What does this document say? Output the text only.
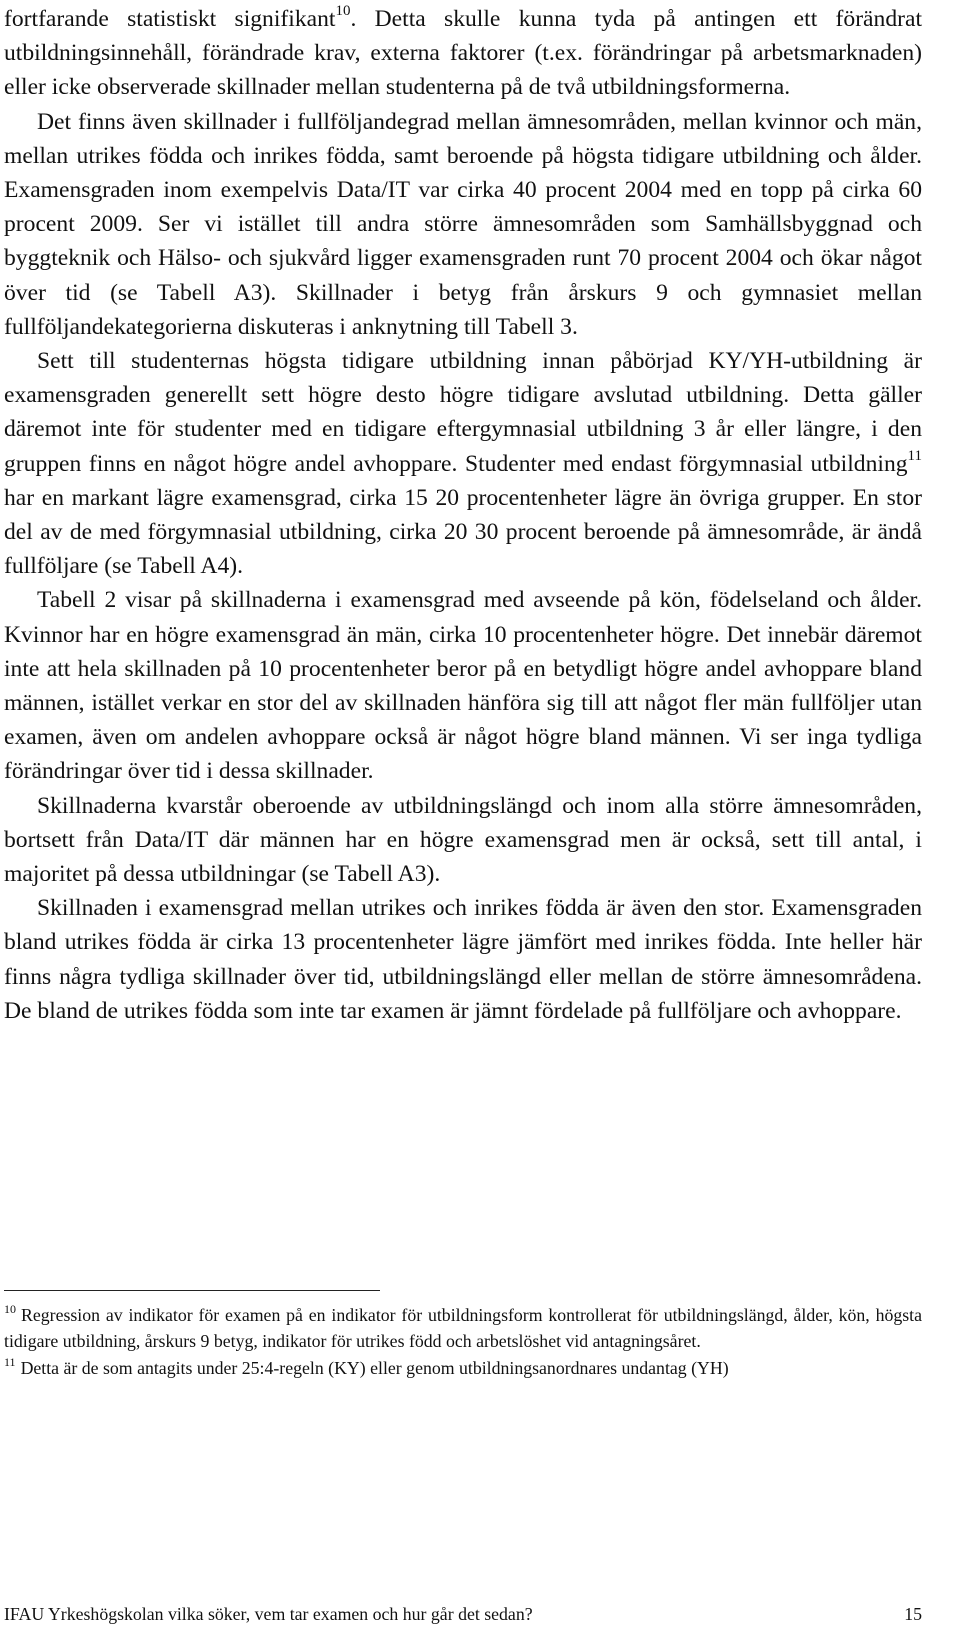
fortfarande statistiskt signifikant$^{10}$. Detta skulle kunna tyda på antingen ett förändrat utbildningsinnehåll, förändrade krav, externa faktorer (t.ex. förändringar på arbetsmarknaden) eller icke observerade skillnader mellan studenterna på de två utbildningsformerna.

Det finns även skillnader i fullföljandegrad mellan ämnesområden, mellan kvinnor och män, mellan utrikes födda och inrikes födda, samt beroende på högsta tidigare utbildning och ålder. Examensgraden inom exempelvis Data/IT var cirka 40 procent 2004 med en topp på cirka 60 procent 2009. Ser vi istället till andra större ämnesområden som Samhällsbyggnad och byggteknik och Hälso- och sjukvård ligger examensgraden runt 70 procent 2004 och ökar något över tid (se Tabell A3). Skillnader i betyg från årskurs 9 och gymnasiet mellan fullföljandekategorierna diskuteras i anknytning till Tabell 3.

Sett till studenternas högsta tidigare utbildning innan påbörjad KY/YH-utbildning är examensgraden generellt sett högre desto högre tidigare avslutad utbildning. Detta gäller däremot inte för studenter med en tidigare eftergymnasial utbildning 3 år eller längre, i den gruppen finns en något högre andel avhoppare. Studenter med endast förgymnasial utbildning$^{11}$ har en markant lägre examensgrad, cirka 15 20 procentenheter lägre än övriga grupper. En stor del av de med förgymnasial utbildning, cirka 20 30 procent beroende på ämnesområde, är ändå fullföljare (se Tabell A4).

Tabell 2 visar på skillnaderna i examensgrad med avseende på kön, födelseland och ålder. Kvinnor har en högre examensgrad än män, cirka 10 procentenheter högre. Det innebär däremot inte att hela skillnaden på 10 procentenheter beror på en betydligt högre andel avhoppare bland männen, istället verkar en stor del av skillnaden hänföra sig till att något fler män fullföljer utan examen, även om andelen avhoppare också är något högre bland männen. Vi ser inga tydliga förändringar över tid i dessa skillnader.

Skillnaderna kvarstår oberoende av utbildningslängd och inom alla större ämnesområden, bortsett från Data/IT där männen har en högre examensgrad men är också, sett till antal, i majoritet på dessa utbildningar (se Tabell A3).

Skillnaden i examensgrad mellan utrikes och inrikes födda är även den stor. Examensgraden bland utrikes födda är cirka 13 procentenheter lägre jämfört med inrikes födda. Inte heller här finns några tydliga skillnader över tid, utbildningslängd eller mellan de större ämnesområdena. De bland de utrikes födda som inte tar examen är jämnt fördelade på fullföljare och avhoppare.

$^{10}$ Regression av indikator för examen på en indikator för utbildningsform kontrollerat för utbildningslängd, ålder, kön, högsta tidigare utbildning, årskurs 9 betyg, indikator för utrikes född och arbetslöshet vid antagningsåret.

$^{11}$ Detta är de som antagits under 25:4-regeln (KY) eller genom utbildningsanordnares undantag (YH)

IFAU Yrkeshögskolan vilka söker, vem tar examen och hur går det sedan?	15
